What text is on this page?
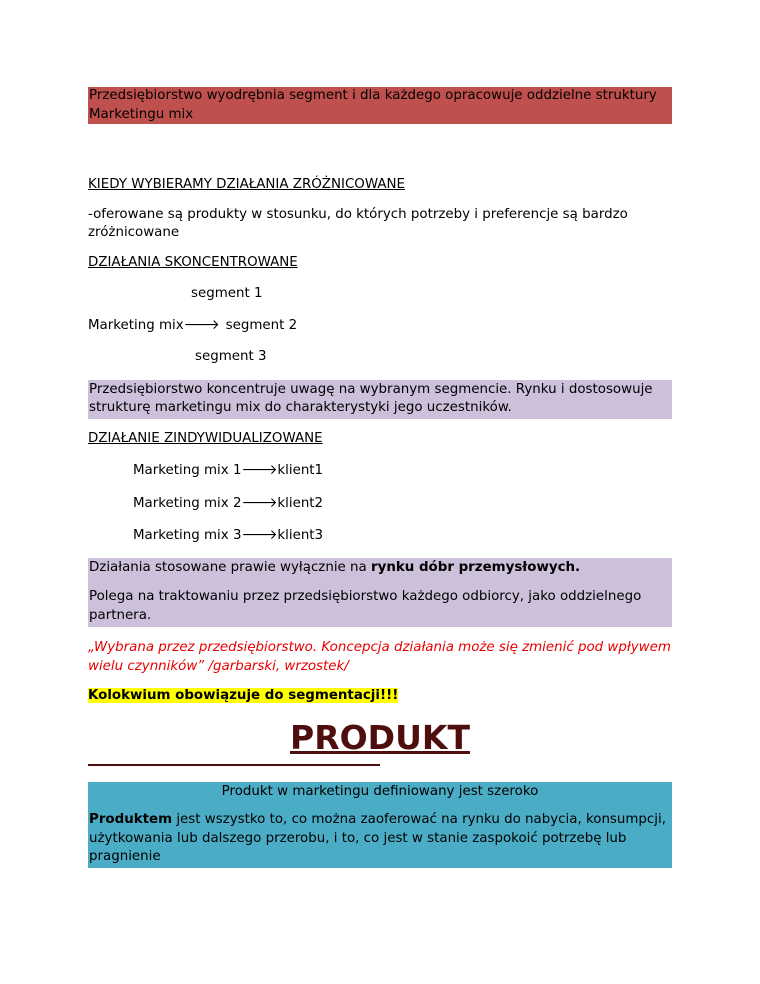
Przedsiębiorstwo wyodrębnia segment i dla każdego opracowuje oddzielne struktury Marketingu mix
KIEDY WYBIERAMY DZIAŁANIA ZRÓŻNICOWANE
-oferowane są produkty w stosunku, do których potrzeby i preferencje są bardzo zróżnicowane
DZIAŁANIA SKONCENTROWANE
segment 1
Marketing mix🡒 segment 2
segment 3
Przedsiębiorstwo koncentruje uwagę na wybranym segmencie. Rynku i dostosowuje strukturę marketingu mix do charakterystyki jego uczestników.
DZIAŁANIE ZINDYWIDUALIZOWANE
Marketing mix 1🡒klient1
Marketing mix 2🡒klient2
Marketing mix 3🡒klient3
Działania stosowane prawie wyłącznie na rynku dóbr przemysłowych.
Polega na traktowaniu przez przedsiębiorstwo każdego odbiorcy, jako oddzielnego partnera.
„Wybrana przez przedsiębiorstwo. Koncepcja działania może się zmienić pod wpływem wielu czynników” /garbarski, wrzostek/
Kolokwium obowiązuje do segmentacji!!!
PRODUKT
Produkt w marketingu definiowany jest szeroko
Produktem jest wszystko to, co można zaoferować na rynku do nabycia, konsumpcji, użytkowania lub dalszego przerobu, i to, co jest w stanie zaspokoić potrzebę lub pragnienie
